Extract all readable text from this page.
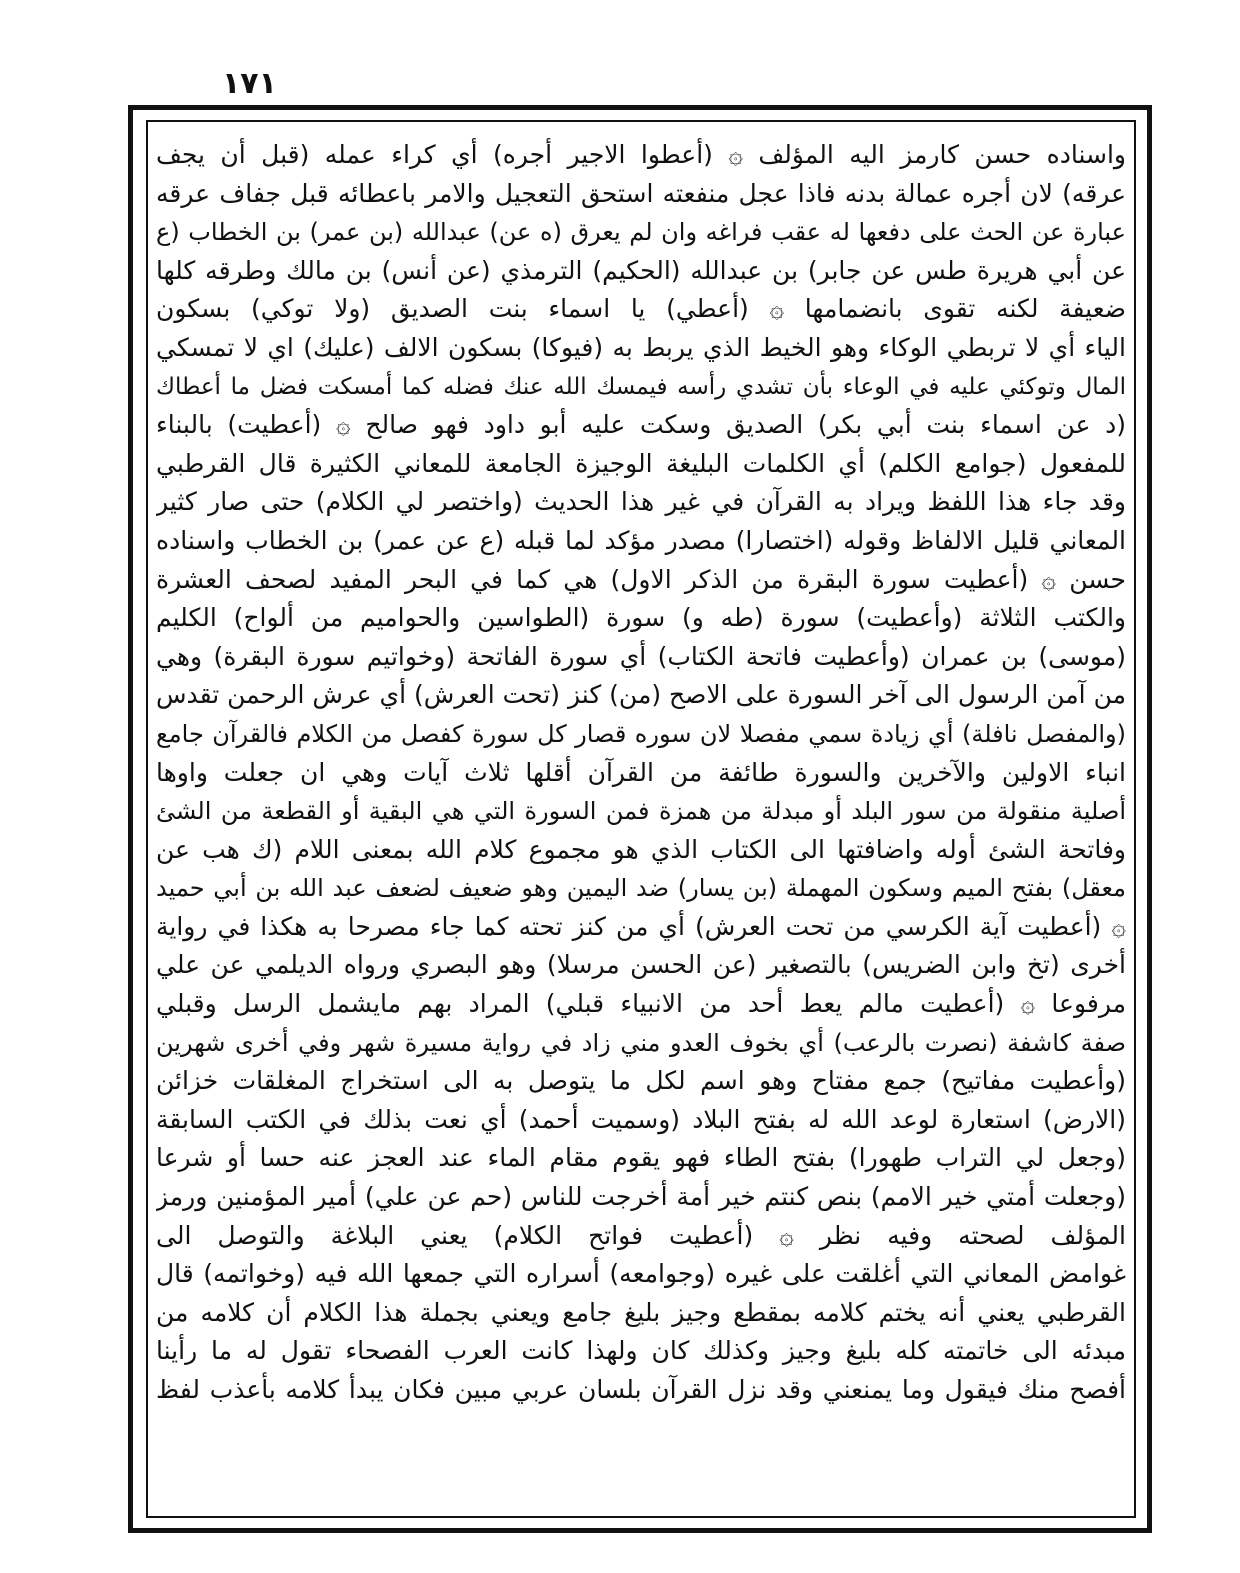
١٧١
واسناده حسن كارمز اليه المؤلف ۞ (أعطوا الاجير أجره) أي كراء عمله (قبل أن يجف
عرقه) لان أجره عمالة بدنه فاذا عجل منفعته استحق التعجيل والامر باعطائه قبل جفاف عرقه
عبارة عن الحث على دفعها له عقب فراغه وان لم يعرق (ه عن) عبدالله (بن عمر) بن الخطاب (ع
عن أبي هريرة طس عن جابر) بن عبدالله (الحكيم) الترمذي (عن أنس) بن مالك وطرقه كلها
ضعيفة لكنه تقوى بانضمامها ۞ (أعطي) يا اسماء بنت الصديق (ولا توكي) بسكون
الياء أي لا تربطي الوكاء وهو الخيط الذي يربط به (فيوكا) بسكون الالف (عليك) اي لا تمسكي
المال وتوكئي عليه في الوعاء بأن تشدي رأسه فيمسك الله عنك فضله كما أمسكت فضل ما أعطاك
(د عن اسماء بنت أبي بكر) الصديق وسكت عليه أبو داود فهو صالح ۞ (أعطيت) بالبناء
للمفعول (جوامع الكلم) أي الكلمات البليغة الوجيزة الجامعة للمعاني الكثيرة قال القرطبي
وقد جاء هذا اللفظ ويراد به القرآن في غير هذا الحديث (واختصر لي الكلام) حتى صار كثير
المعاني قليل الالفاظ وقوله (اختصارا) مصدر مؤكد لما قبله (ع عن عمر) بن الخطاب واسناده
حسن ۞ (أعطيت سورة البقرة من الذكر الاول) هي كما في البحر المفيد لصحف العشرة
والكتب الثلاثة (وأعطيت) سورة (طه و) سورة (الطواسين والحواميم من ألواح) الكليم
(موسى) بن عمران (وأعطيت فاتحة الكتاب) أي سورة الفاتحة (وخواتيم سورة البقرة) وهي
من آمن الرسول الى آخر السورة على الاصح (من) كنز (تحت العرش) أي عرش الرحمن تقدس
(والمفصل نافلة) أي زيادة سمي مفصلا لان سوره قصار كل سورة كفصل من الكلام فالقرآن جامع
انباء الاولين والآخرين والسورة طائفة من القرآن أقلها ثلاث آيات وهي ان جعلت واوها
أصلية منقولة من سور البلد أو مبدلة من همزة فمن السورة التي هي البقية أو القطعة من الشئ
وفاتحة الشئ أوله واضافتها الى الكتاب الذي هو مجموع كلام الله بمعنى اللام (ك هب عن
معقل) بفتح الميم وسكون المهملة (بن يسار) ضد اليمين وهو ضعيف لضعف عبد الله بن أبي حميد
۞ (أعطيت آية الكرسي من تحت العرش) أي من كنز تحته كما جاء مصرحا به هكذا في رواية
أخرى (تخ وابن الضريس) بالتصغير (عن الحسن مرسلا) وهو البصري ورواه الديلمي عن علي
مرفوعا ۞ (أعطيت مالم يعط أحد من الانبياء قبلي) المراد بهم مايشمل الرسل وقبلي
صفة كاشفة (نصرت بالرعب) أي بخوف العدو مني زاد في رواية مسيرة شهر وفي أخرى شهرين
(وأعطيت مفاتيح) جمع مفتاح وهو اسم لكل ما يتوصل به الى استخراج المغلقات خزائن
(الارض) استعارة لوعد الله له بفتح البلاد (وسميت أحمد) أي نعت بذلك في الكتب السابقة
(وجعل لي التراب طهورا) بفتح الطاء فهو يقوم مقام الماء عند العجز عنه حسا أو شرعا
(وجعلت أمتي خير الامم) بنص كنتم خير أمة أخرجت للناس (حم عن علي) أمير المؤمنين ورمز
المؤلف لصحته وفيه نظر ۞ (أعطيت فواتح الكلام) يعني البلاغة والتوصل الى
غوامض المعاني التي أغلقت على غيره (وجوامعه) أسراره التي جمعها الله فيه (وخواتمه) قال
القرطبي يعني أنه يختم كلامه بمقطع وجيز بليغ جامع ويعني بجملة هذا الكلام أن كلامه من
مبدئه الى خاتمته كله بليغ وجيز وكذلك كان ولهذا كانت العرب الفصحاء تقول له ما رأينا
أفصح منك فيقول وما يمنعني وقد نزل القرآن بلسان عربي مبين فكان يبدأ كلامه بأعذب لفظ
